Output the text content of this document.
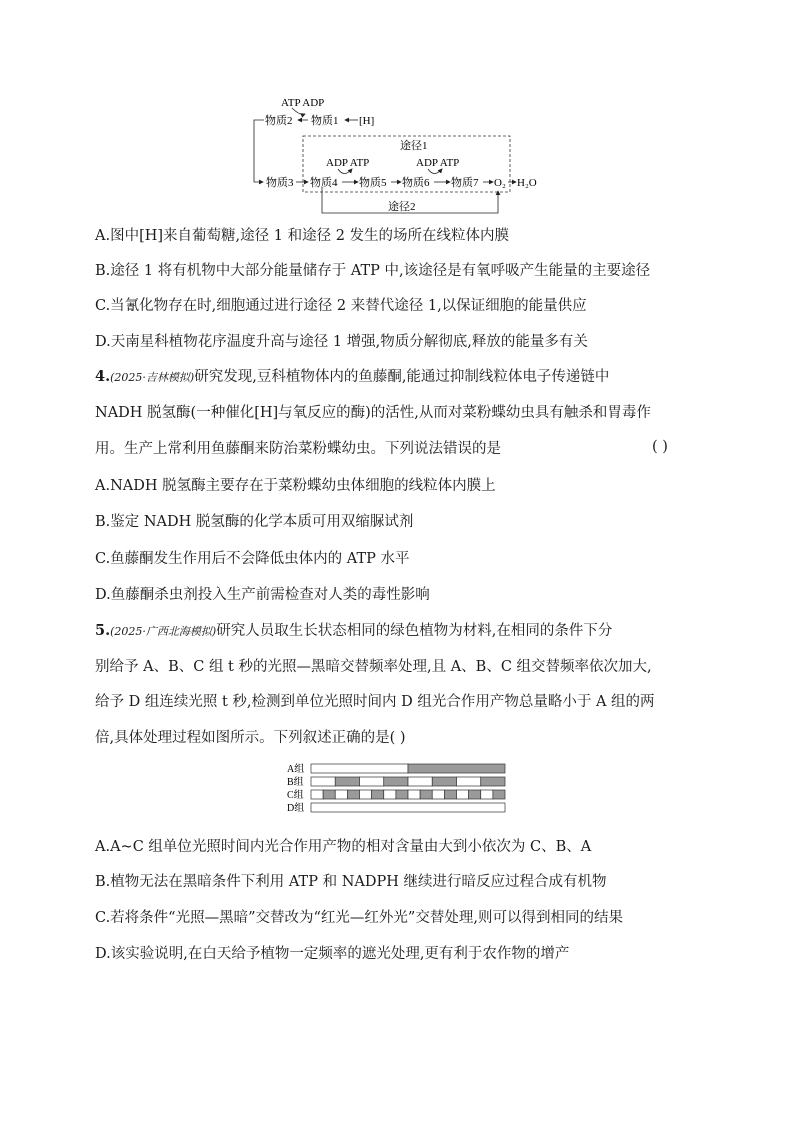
ATP ADP
物质2 物质1 [H]
途径1
ADP ATP	ADP ATP
物质3 物质4 物质5 物质6 物质7 O₂ H₂O
途径2
A.图中[H]来自葡萄糖,途径 1 和途径 2 发生的场所在线粒体内膜
B.途径 1 将有机物中大部分能量储存于 ATP 中,该途径是有氧呼吸产生能量的主要途径
C.当氰化物存在时,细胞通过进行途径 2 来替代途径 1,以保证细胞的能量供应
D.天南星科植物花序温度升高与途径 1 增强,物质分解彻底,释放的能量多有关
4.(2025·吉林模拟)研究发现,豆科植物体内的鱼藤酮,能通过抑制线粒体电子传递链中
NADH 脱氢酶(一种催化[H]与氧反应的酶)的活性,从而对菜粉蝶幼虫具有触杀和胃毒作
用。生产上常利用鱼藤酮来防治菜粉蝶幼虫。下列说法错误的是	( )
A.NADH 脱氢酶主要存在于菜粉蝶幼虫体细胞的线粒体内膜上
B.鉴定 NADH 脱氢酶的化学本质可用双缩脲试剂
C.鱼藤酮发生作用后不会降低虫体内的 ATP 水平
D.鱼藤酮杀虫剂投入生产前需检查对人类的毒性影响
5.(2025·广西北海模拟)研究人员取生长状态相同的绿色植物为材料,在相同的条件下分
别给予 A、B、C 组 t 秒的光照—黑暗交替频率处理,且 A、B、C 组交替频率依次加大,
给予 D 组连续光照 t 秒,检测到单位光照时间内 D 组光合作用产物总量略小于 A 组的两
倍,具体处理过程如图所示。下列叙述正确的是( )
A组
B组
C组
D组
A.A~C 组单位光照时间内光合作用产物的相对含量由大到小依次为 C、B、A
B.植物无法在黑暗条件下利用 ATP 和 NADPH 继续进行暗反应过程合成有机物
C.若将条件“光照—黑暗”交替改为“红光—红外光”交替处理,则可以得到相同的结果
D.该实验说明,在白天给予植物一定频率的遮光处理,更有利于农作物的增产
